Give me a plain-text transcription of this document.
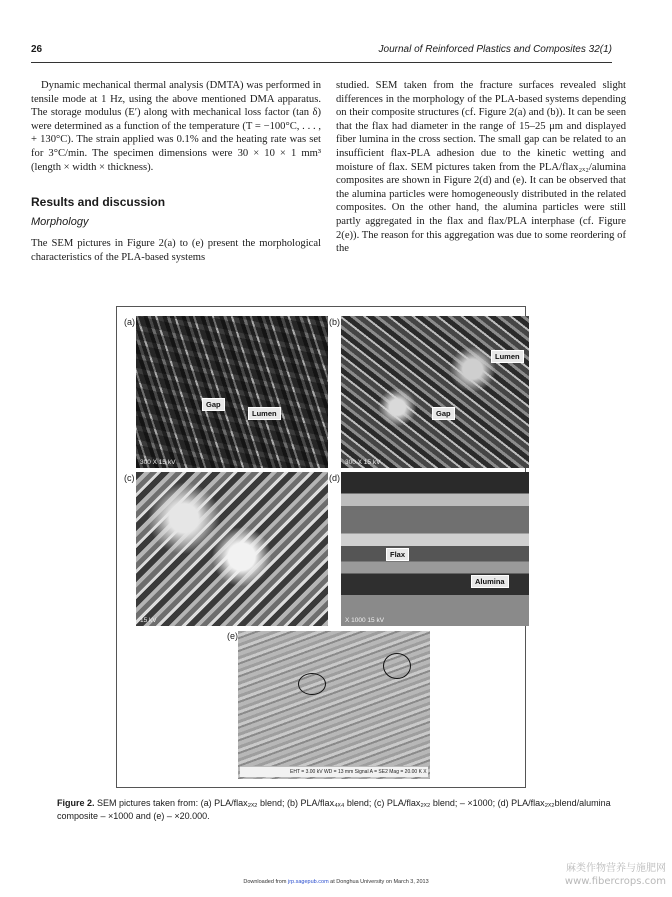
26	Journal of Reinforced Plastics and Composites 32(1)

Dynamic mechanical thermal analysis (DMTA) was performed in tensile mode at 1 Hz, using the above mentioned DMA apparatus. The storage modulus (E′) along with mechanical loss factor (tan δ) were determined as a function of the temperature (T = −100°C, . . . , + 130°C). The strain applied was 0.1% and the heating rate was set for 3°C/min. The specimen dimensions were 30 × 10 × 1 mm³ (length × width × thickness).

Results and discussion
Morphology

The SEM pictures in Figure 2(a) to (e) present the morphological characteristics of the PLA-based systems

studied. SEM taken from the fracture surfaces revealed slight differences in the morphology of the PLA-based systems depending on their composite structures (cf. Figure 2(a) and (b)). It can be seen that the flax had diameter in the range of 15–25 μm and displayed fiber lumina in the cross section. The small gap can be related to an insufficient flax-PLA adhesion due to the kinetic wetting and moisture of flax. SEM pictures taken from the PLA/flax₂ₓ₂/alumina composites are shown in Figure 2(d) and (e). It can be observed that the alumina particles were homogeneously distributed in the related composites. On the other hand, the alumina particles were still partly aggregated in the flax and flax/PLA interphase (cf. Figure 2(e)). The reason for this aggregation was due to some reordering of the

(a)
Gap
Lumen
300 X 15 kV
(b)
Lumen
Gap
300 X 15 kV
(c)
15 kV
(d)
Flax
Alumina
X 1000 15 kV
(e)
EHT = 3.00 kV WD = 13 mm Signal A = SE2 Mag = 20.00 K X
Figure 2. SEM pictures taken from: (a) PLA/flax₂ₓ₂ blend; (b) PLA/flax₄ₓ₄ blend; (c) PLA/flax₂ₓ₂ blend; – ×1000; (d) PLA/flax₂ₓ₂blend/alumina composite – ×1000 and (e) – ×20.000.
Downloaded from jrp.sagepub.com at Donghua University on March 3, 2013
麻类作物营养与施肥网
www.fibercrops.com
